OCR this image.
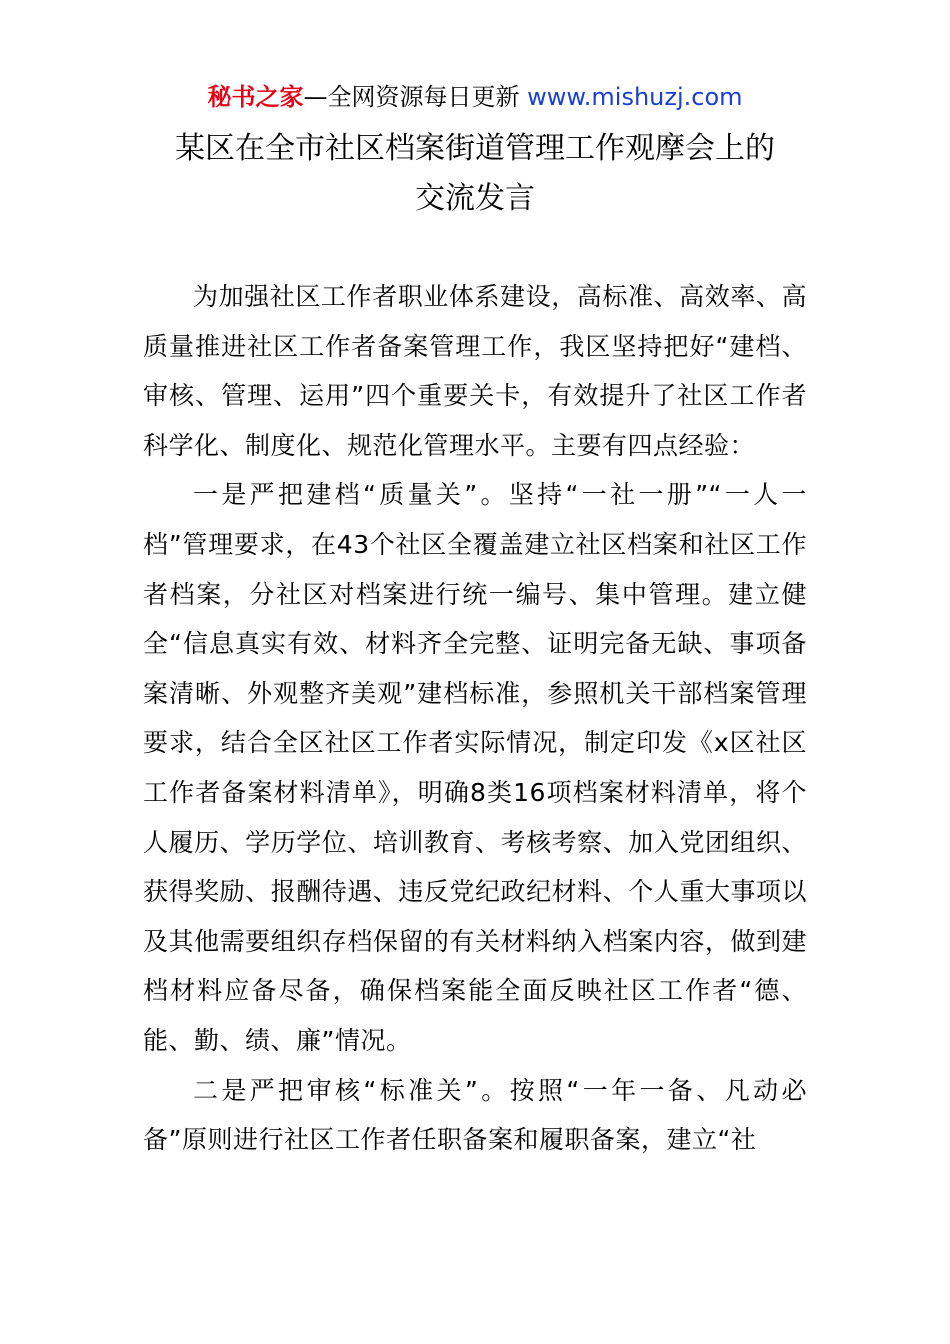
秘书之家—全网资源每日更新 www.mishuzj.com
某区在全市社区档案街道管理工作观摩会上的
交流发言

为加强社区工作者职业体系建设，高标准、高效率、高质量推进社区工作者备案管理工作，我区坚持把好“建档、审核、管理、运用”四个重要关卡，有效提升了社区工作者科学化、制度化、规范化管理水平。主要有四点经验：

一是严把建档“质量关”。坚持“一社一册”“一人一档”管理要求，在43个社区全覆盖建立社区档案和社区工作者档案，分社区对档案进行统一编号、集中管理。建立健全“信息真实有效、材料齐全完整、证明完备无缺、事项备案清晰、外观整齐美观”建档标准，参照机关干部档案管理要求，结合全区社区工作者实际情况，制定印发《x区社区工作者备案材料清单》，明确8类16项档案材料清单，将个人履历、学历学位、培训教育、考核考察、加入党团组织、获得奖励、报酬待遇、违反党纪政纪材料、个人重大事项以及其他需要组织存档保留的有关材料纳入档案内容，做到建档材料应备尽备，确保档案能全面反映社区工作者“德、能、勤、绩、廉”情况。

二是严把审核“标准关”。按照“一年一备、凡动必备”原则进行社区工作者任职备案和履职备案，建立“社
